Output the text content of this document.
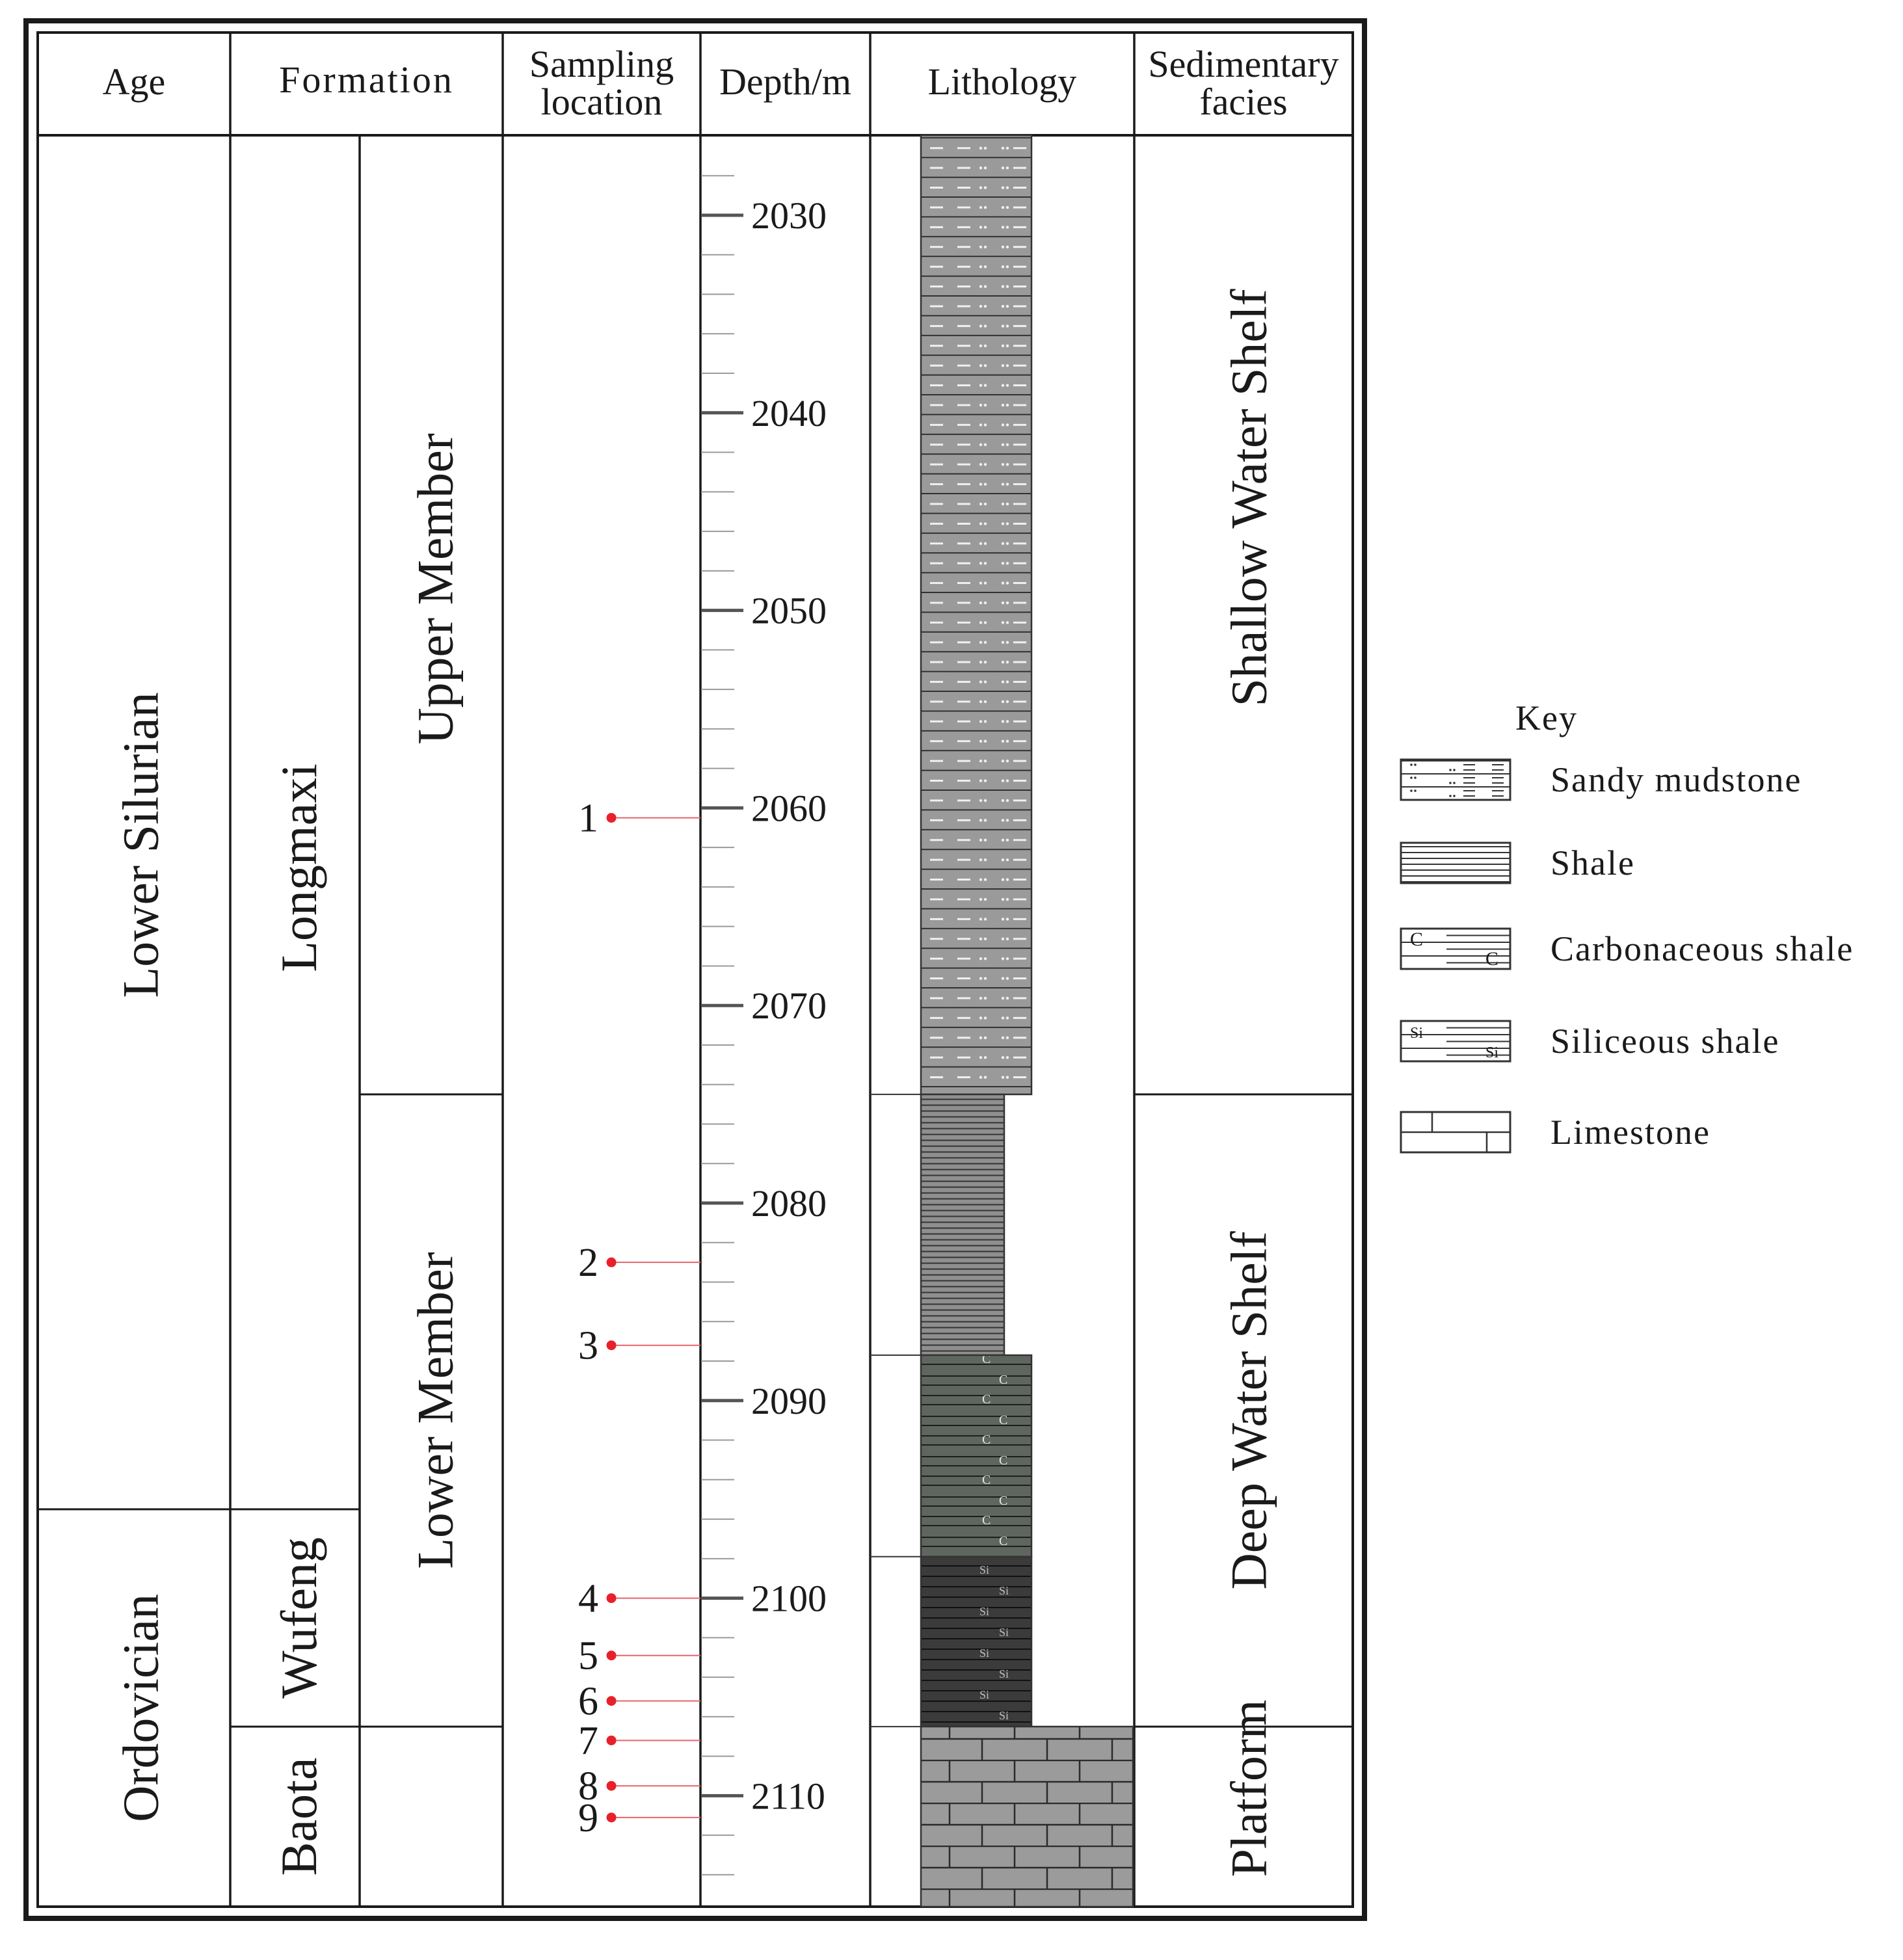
Age	Formation Sampling
location Depth/m Lithology Sedimentary
facies
Lower Silurian
Ordovician
Longmaxi
Wufeng
Baota
Upper Member
Lower Member
1
2
3
4
5
6
7
8
9
2030
2040
2050
2060
2070
2080
2090
2100
2110
Shallow Water Shelf
Deep Water Shelf
Platform
Key
Sandy mudstone
Shale
C
C Carbonaceous shale
Si
Si Siliceous shale
Limestone
